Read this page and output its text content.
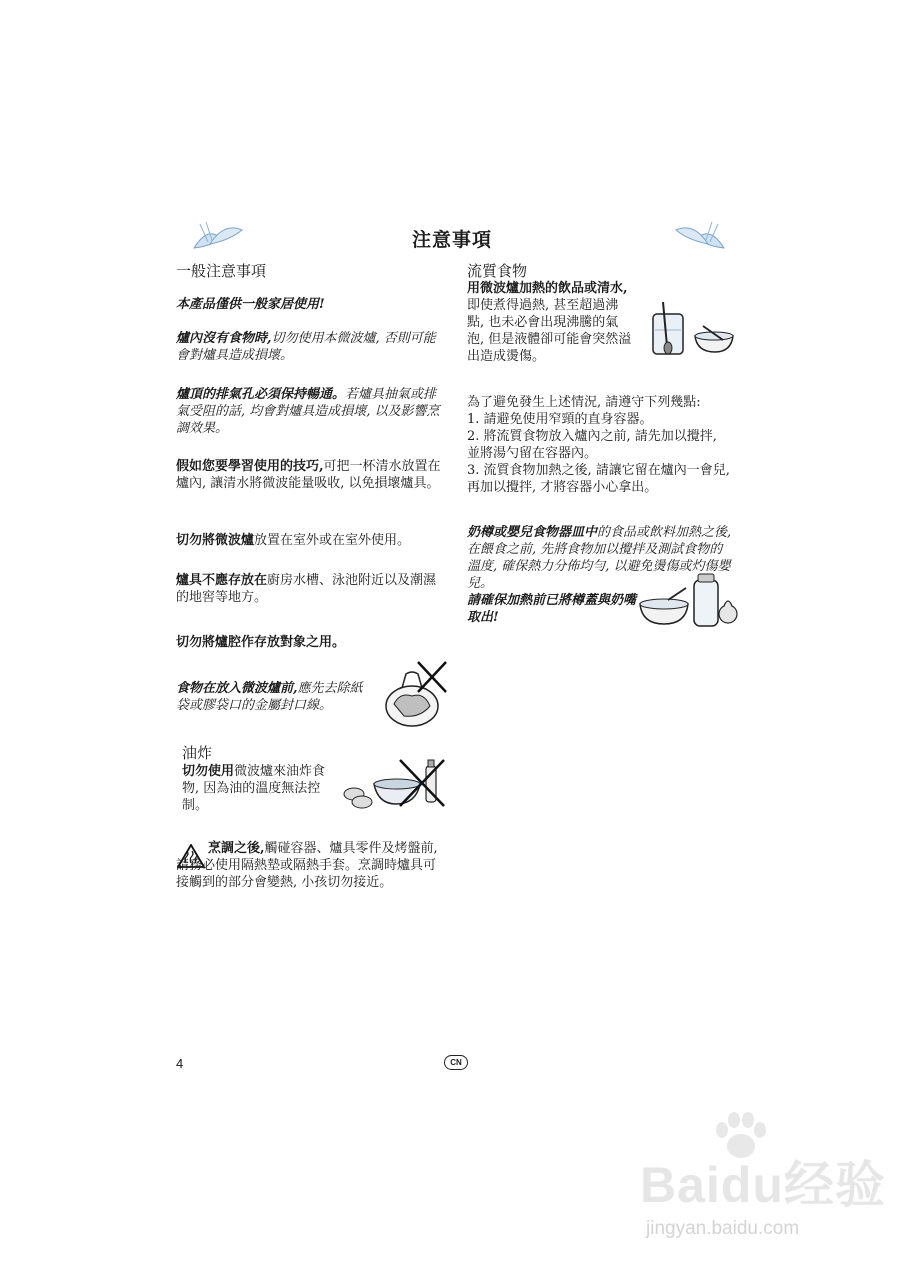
注意事項

一般注意事項

本產品僅供一般家居使用!

爐內沒有食物時,切勿使用本微波爐, 否則可能會對爐具造成損壞。

爐頂的排氣孔必須保持暢通。若爐具抽氣或排氣受阻的話, 均會對爐具造成損壞, 以及影響烹調效果。

假如您要學習使用的技巧,可把一杯清水放置在爐內, 讓清水將微波能量吸收, 以免損壞爐具。

切勿將微波爐放置在室外或在室外使用。

爐具不應存放在廚房水槽、泳池附近以及潮濕的地窖等地方。

切勿將爐腔作存放對象之用。

食物在放入微波爐前,應先去除紙袋或膠袋口的金屬封口線。

油炸

切勿使用微波爐來油炸食物, 因為油的溫度無法控制。

烹調之後,觸碰容器、爐具零件及烤盤前, 請務必使用隔熱墊或隔熱手套。烹調時爐具可接觸到的部分會變熱, 小孩切勿接近。

流質食物

用微波爐加熱的飲品或清水,即使煮得過熱, 甚至超過沸點, 也未必會出現沸騰的氣泡, 但是液體卻可能會突然溢出造成燙傷。

為了避免發生上述情況, 請遵守下列幾點:

1. 請避免使用窄頸的直身容器。

2. 將流質食物放入爐內之前, 請先加以攪拌, 並將湯勺留在容器內。

3. 流質食物加熱之後, 請讓它留在爐內一會兒, 再加以攪拌, 才將容器小心拿出。

奶樽或嬰兒食物器皿中的食品或飲料加熱之後, 在餵食之前, 先將食物加以攪拌及測試食物的溫度, 確保熱力分佈均勻, 以避免燙傷或灼傷嬰兒。

請確保加熱前已將樽蓋與奶嘴取出!

4	CN
Baidu经验
jingyan.baidu.com
